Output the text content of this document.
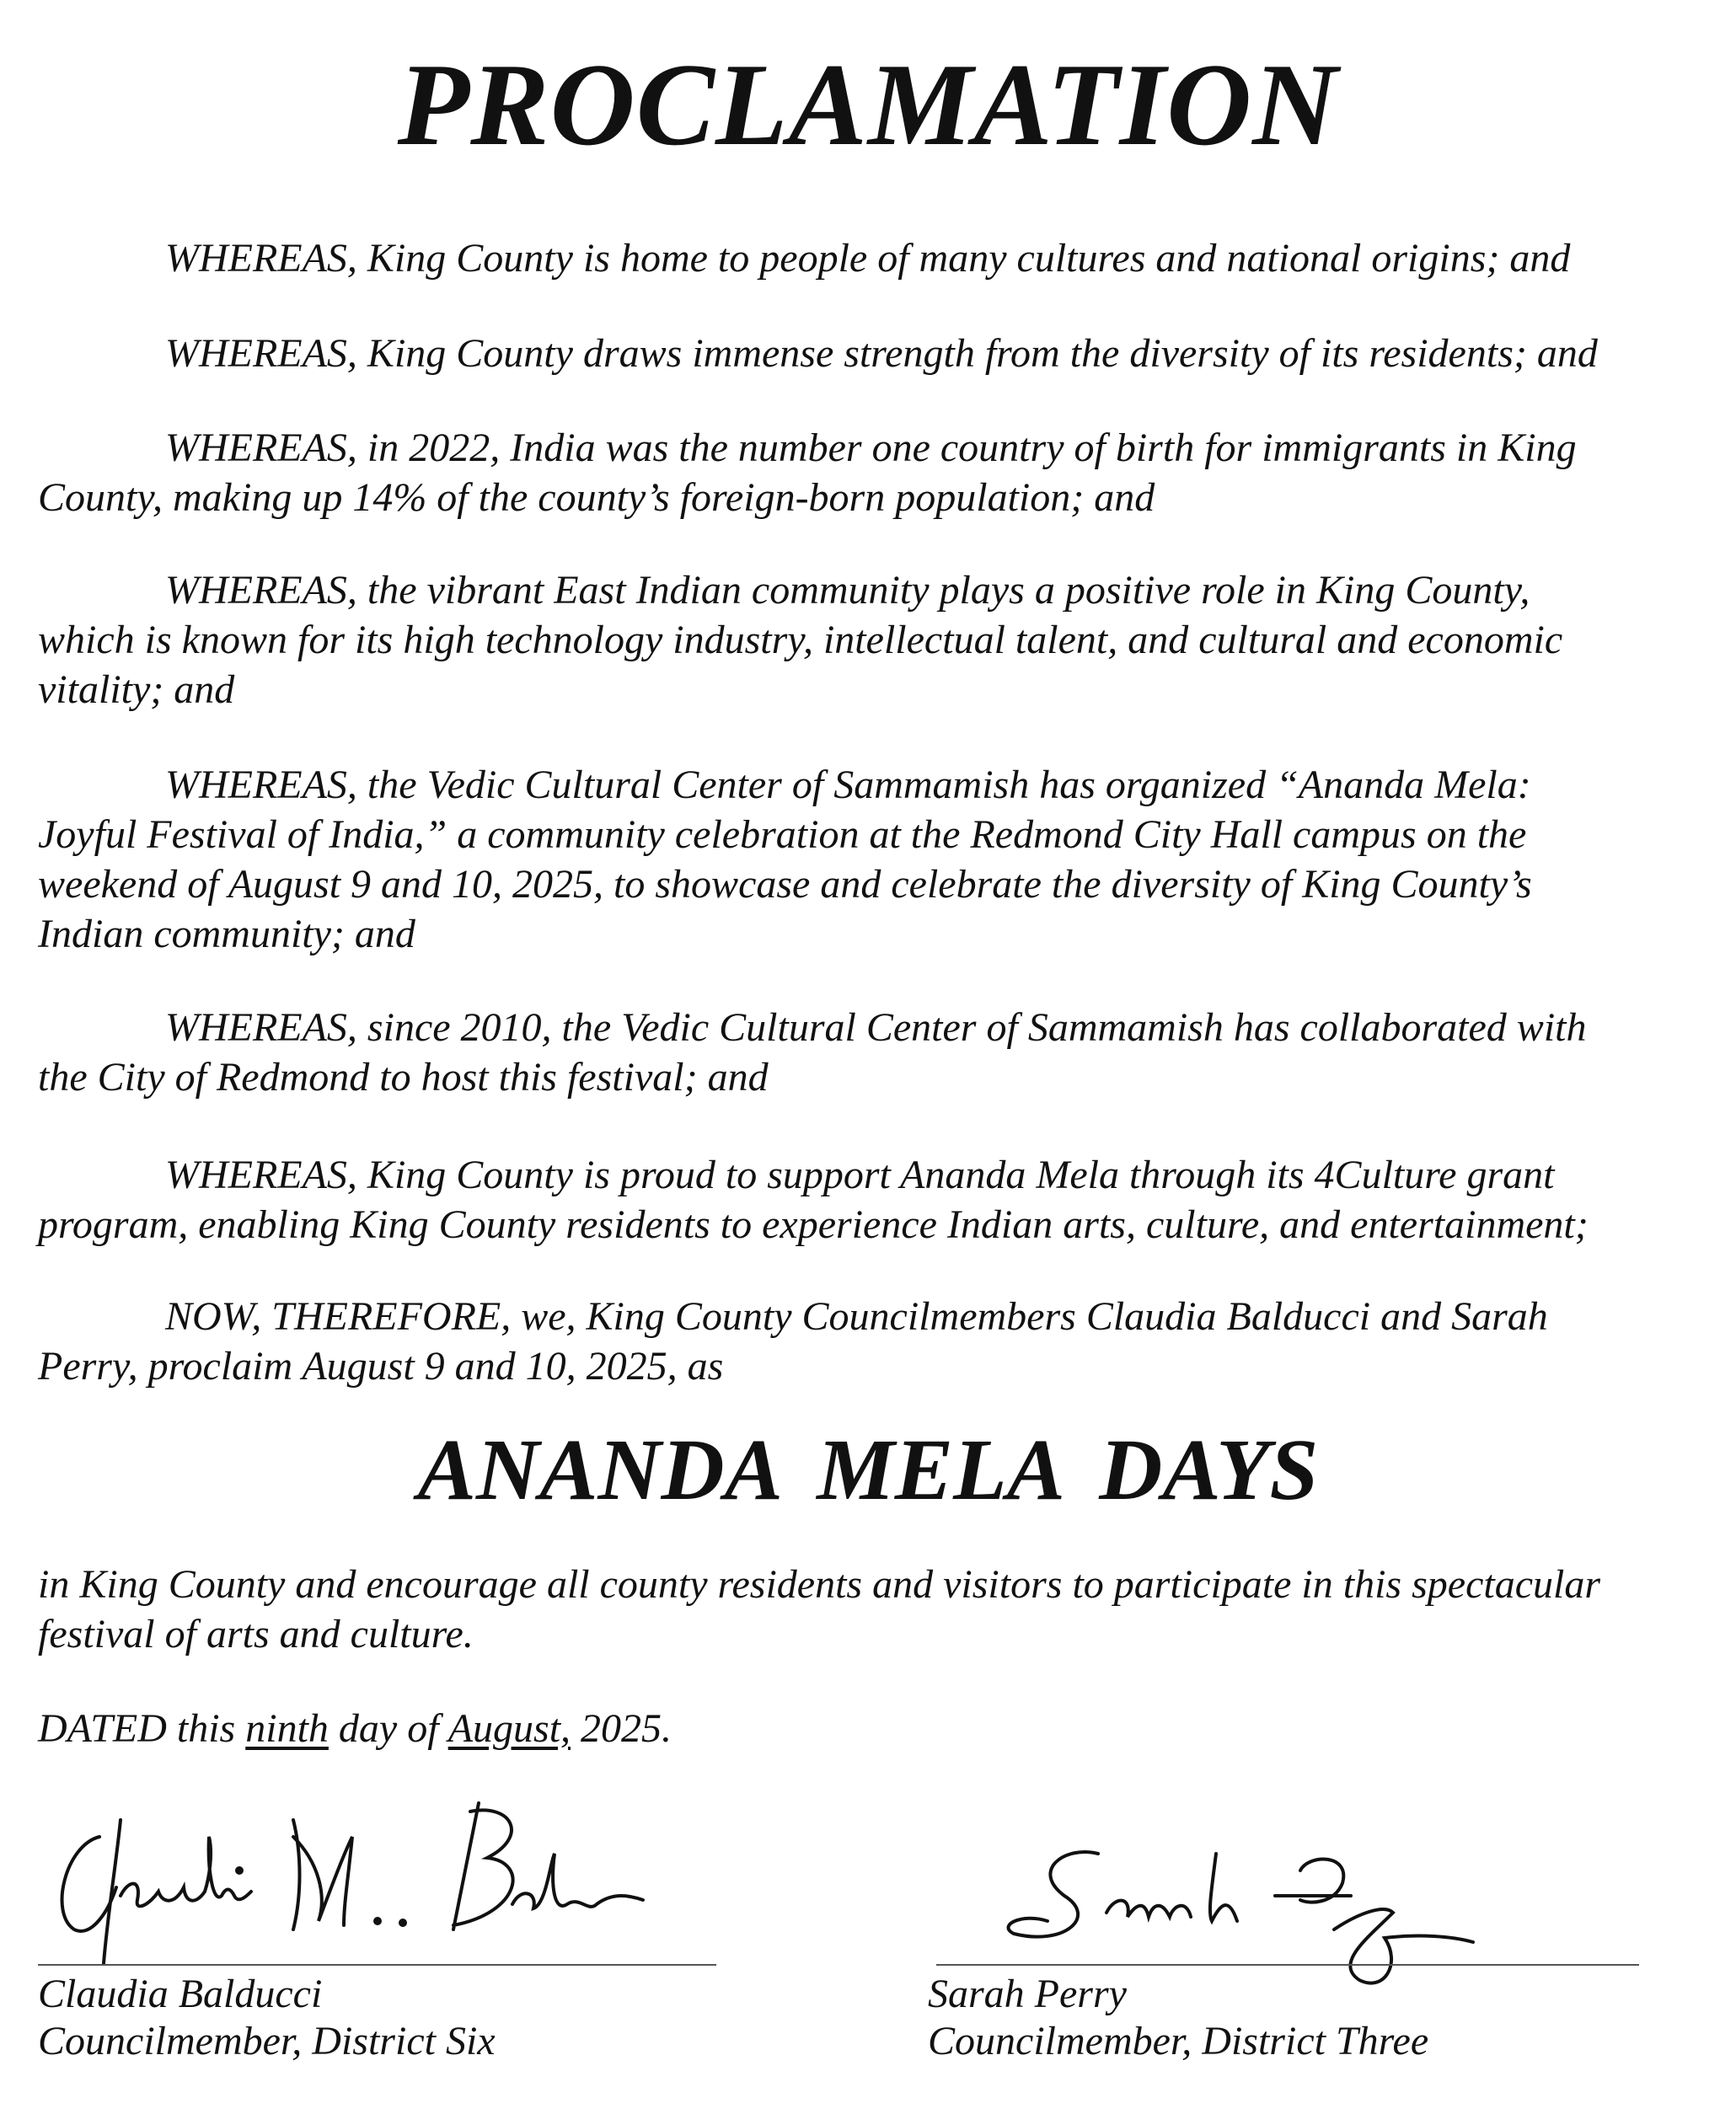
PROCLAMATION
WHEREAS, King County is home to people of many cultures and national origins; and
WHEREAS, King County draws immense strength from the diversity of its residents; and
WHEREAS, in 2022, India was the number one country of birth for immigrants in King
County, making up 14% of the county’s foreign-born population; and
WHEREAS, the vibrant East Indian community plays a positive role in King County,
which is known for its high technology industry, intellectual talent, and cultural and economic
vitality; and
WHEREAS, the Vedic Cultural Center of Sammamish has organized “Ananda Mela:
Joyful Festival of India,” a community celebration at the Redmond City Hall campus on the
weekend of August 9 and 10, 2025, to showcase and celebrate the diversity of King County’s
Indian community; and
WHEREAS, since 2010, the Vedic Cultural Center of Sammamish has collaborated with
the City of Redmond to host this festival; and
WHEREAS, King County is proud to support Ananda Mela through its 4Culture grant
program, enabling King County residents to experience Indian arts, culture, and entertainment;
NOW, THEREFORE, we, King County Councilmembers Claudia Balducci and Sarah
Perry, proclaim August 9 and 10, 2025, as
ANANDA MELA DAYS
in King County and encourage all county residents and visitors to participate in this spectacular
festival of arts and culture.
DATED this ninth day of August, 2025.
Claudia Balducci
Councilmember, District Six
Sarah Perry
Councilmember, District Three
